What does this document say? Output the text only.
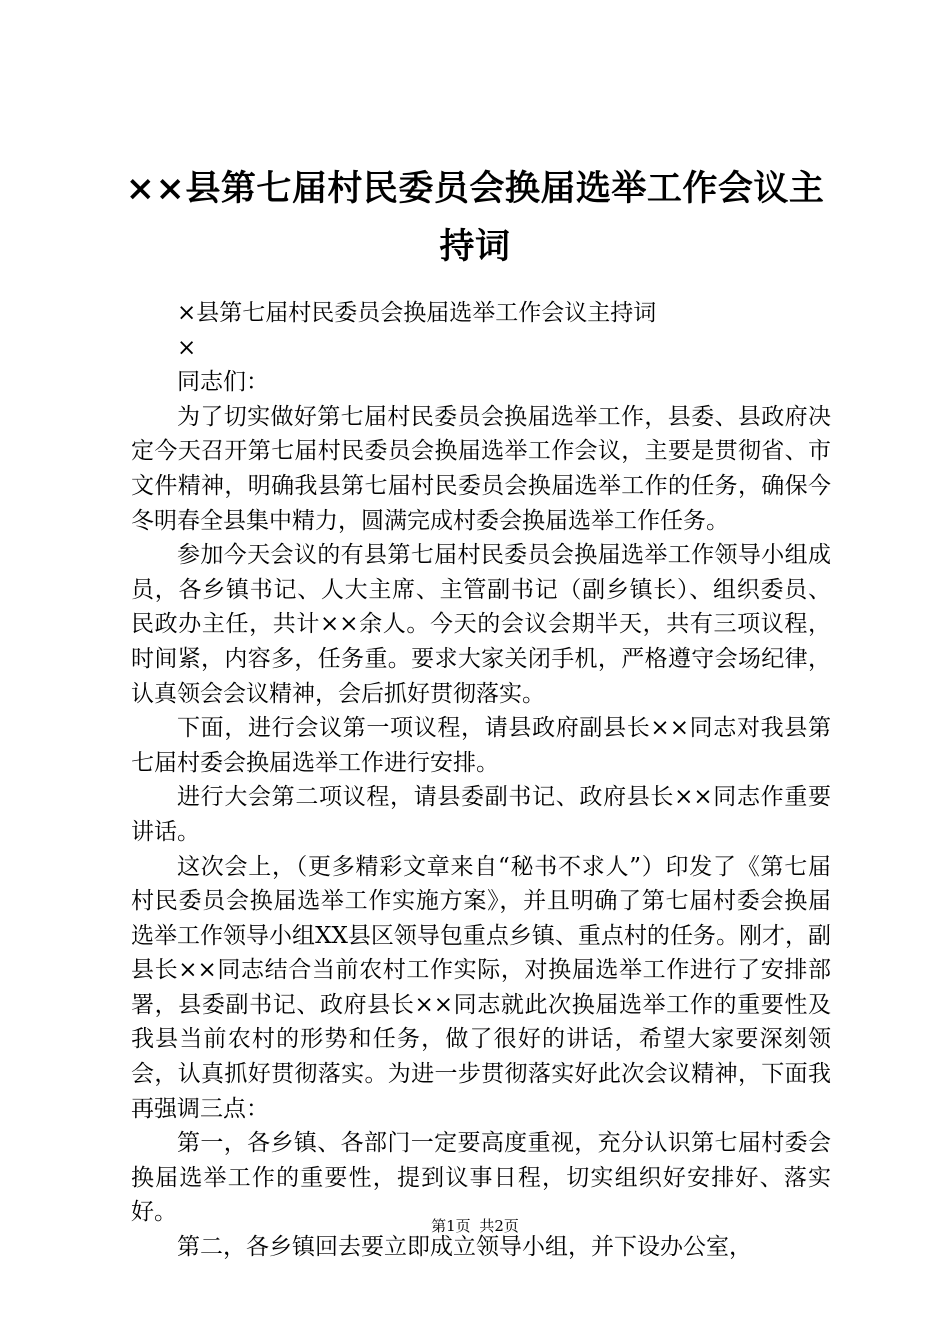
××县第七届村民委员会换届选举工作会议主持词

×县第七届村民委员会换届选举工作会议主持词

×

同志们：

为了切实做好第七届村民委员会换届选举工作，县委、县政府决定今天召开第七届村民委员会换届选举工作会议，主要是贯彻省、市文件精神，明确我县第七届村民委员会换届选举工作的任务，确保今冬明春全县集中精力，圆满完成村委会换届选举工作任务。

参加今天会议的有县第七届村民委员会换届选举工作领导小组成员，各乡镇书记、人大主席、主管副书记（副乡镇长）、组织委员、民政办主任，共计××余人。今天的会议会期半天，共有三项议程，时间紧，内容多，任务重。要求大家关闭手机，严格遵守会场纪律，认真领会会议精神，会后抓好贯彻落实。

下面，进行会议第一项议程，请县政府副县长××同志对我县第七届村委会换届选举工作进行安排。

进行大会第二项议程，请县委副书记、政府县长××同志作重要讲话。

这次会上，（更多精彩文章来自“秘书不求人”）印发了《第七届村民委员会换届选举工作实施方案》，并且明确了第七届村委会换届选举工作领导小组XX县区领导包重点乡镇、重点村的任务。刚才，副县长××同志结合当前农村工作实际，对换届选举工作进行了安排部署，县委副书记、政府县长××同志就此次换届选举工作的重要性及我县当前农村的形势和任务，做了很好的讲话，希望大家要深刻领会，认真抓好贯彻落实。为进一步贯彻落实好此次会议精神，下面我再强调三点：

第一，各乡镇、各部门一定要高度重视，充分认识第七届村委会换届选举工作的重要性，提到议事日程，切实组织好安排好、落实好。

第二，各乡镇回去要立即成立领导小组，并下设办公室，

第1页 共2页
